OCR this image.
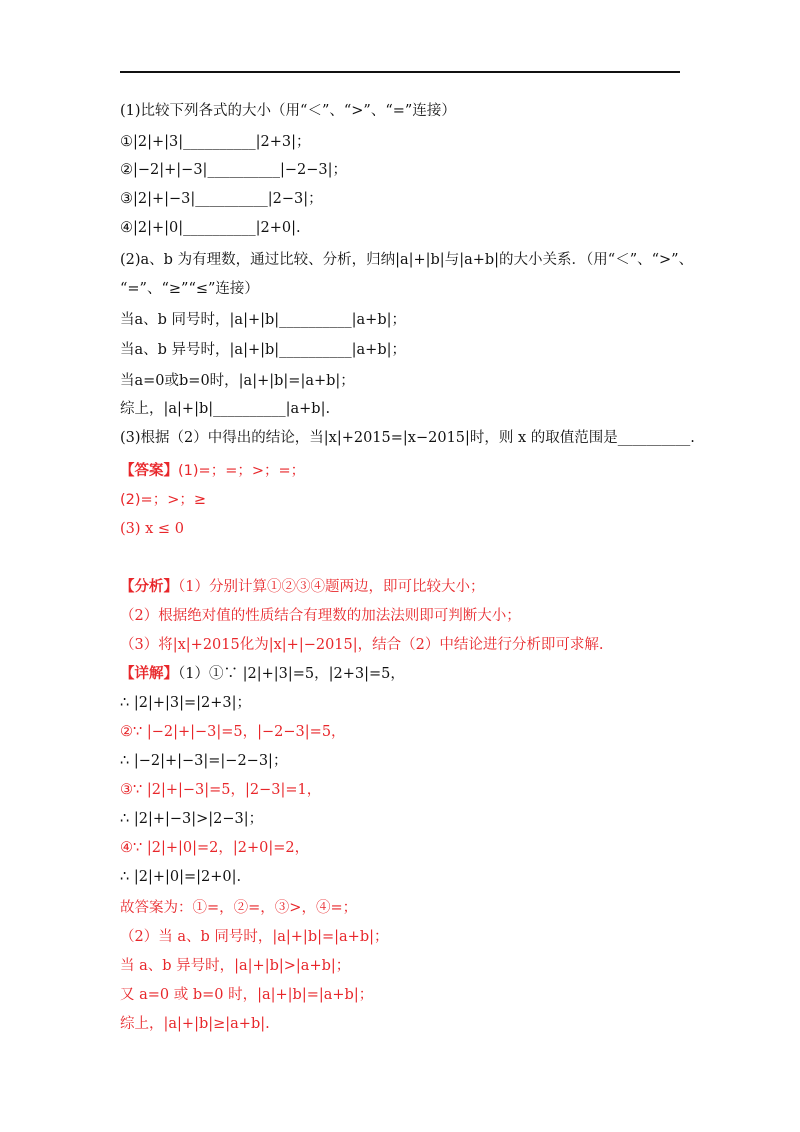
(1)比较下列各式的大小（用“＜”、“>”、“=”连接）
①|2|+|3|__________|2+3|；
②|−2|+|−3|__________|−2−3|；
③|2|+|−3|__________|2−3|；
④|2|+|0|__________|2+0|.
(2)a、b 为有理数，通过比较、分析，归纳|a|+|b|与|a+b|的大小关系．（用“＜”、“>”、
“=”、“≥”“≤”连接）
当a、b 同号时，|a|+|b|__________|a+b|；
当a、b 异号时，|a|+|b|__________|a+b|；
当a=0或b=0时，|a|+|b|=|a+b|；
综上，|a|+|b|__________|a+b|.
(3)根据（2）中得出的结论，当|x|+2015=|x−2015|时，则 x 的取值范围是__________.
【答案】(1)=；=；>；=；
(2)=；>；≥
(3) x ≤ 0
【分析】（1）分别计算①②③④题两边，即可比较大小；
（2）根据绝对值的性质结合有理数的加法法则即可判断大小；
（3）将|x|+2015化为|x|+|−2015|，结合（2）中结论进行分析即可求解.
【详解】（1）①∵ |2|+|3|=5，|2+3|=5，
∴ |2|+|3|=|2+3|；
②∵ |−2|+|−3|=5，|−2−3|=5，
∴ |−2|+|−3|=|−2−3|；
③∵ |2|+|−3|=5，|2−3|=1，
∴ |2|+|−3|>|2−3|；
④∵ |2|+|0|=2，|2+0|=2，
∴ |2|+|0|=|2+0|.
故答案为：①=，②=，③>，④=；
（2）当 a、b 同号时，|a|+|b|=|a+b|；
当 a、b 异号时，|a|+|b|>|a+b|；
又 a=0 或 b=0 时，|a|+|b|=|a+b|；
综上，|a|+|b|≥|a+b|.
